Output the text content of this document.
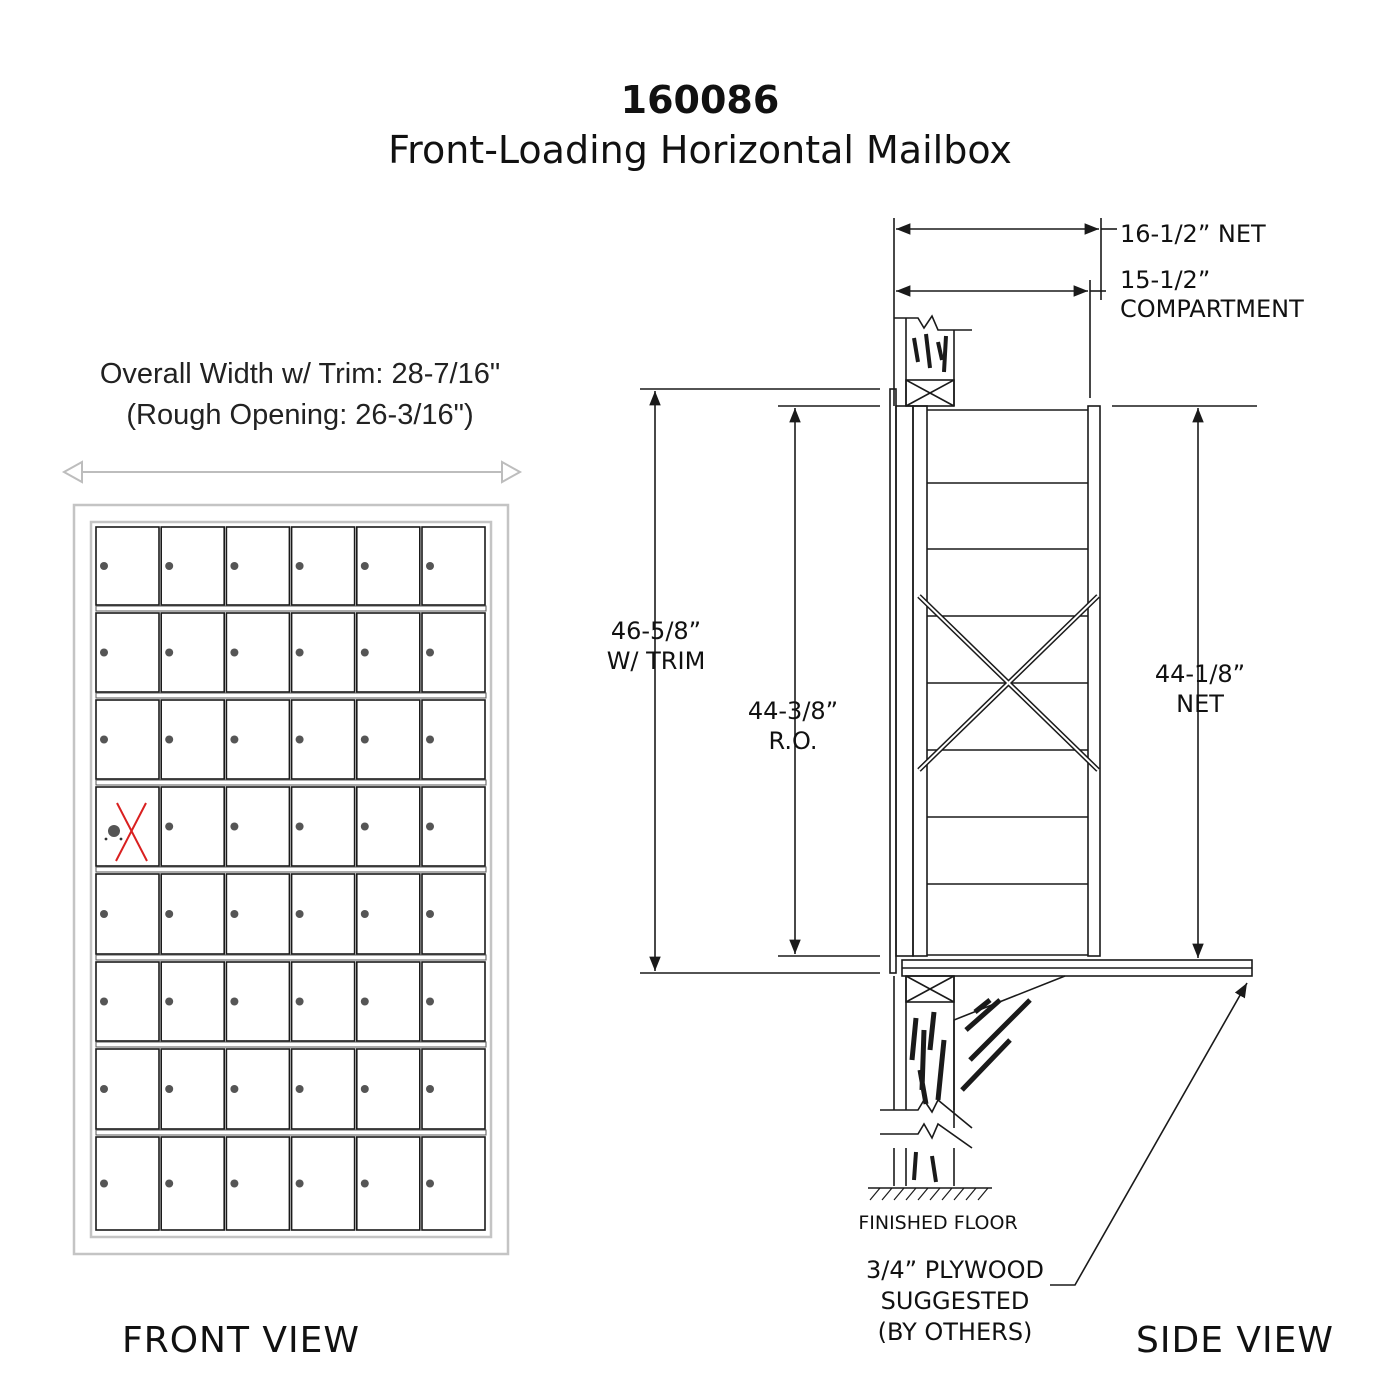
160086
Front-Loading Horizontal Mailbox
Overall Width w/ Trim: 28-7/16"
(Rough Opening: 26-3/16")
16-1/2” NET
15-1/2”
COMPARTMENT
46-5/8”
W/ TRIM
44-3/8”
R.O.
44-1/8”
NET
FINISHED FLOOR
3/4” PLYWOOD
SUGGESTED
(BY OTHERS)
FRONT VIEW	SIDE VIEW
